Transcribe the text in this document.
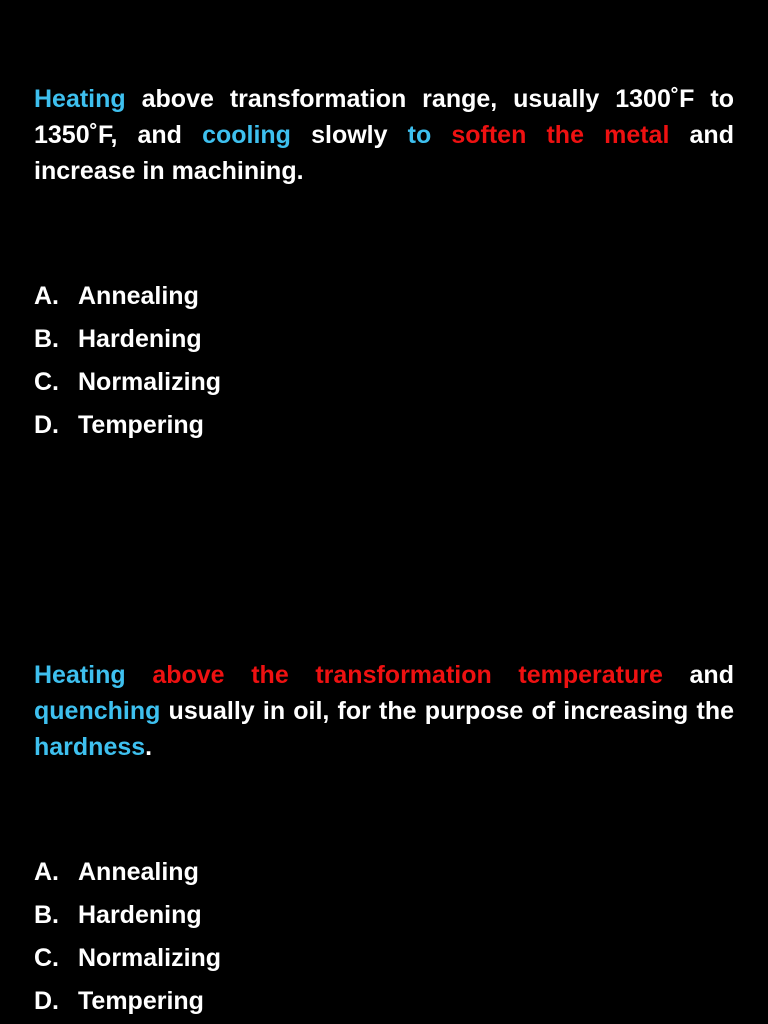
Heating above transformation range, usually 1300˚F to 1350˚F, and cooling slowly to soften the metal and increase in machining.
A. Annealing
B. Hardening
C. Normalizing
D. Tempering
Heating above the transformation temperature and quenching usually in oil, for the purpose of increasing the hardness.
A. Annealing
B. Hardening
C. Normalizing
D. Tempering
